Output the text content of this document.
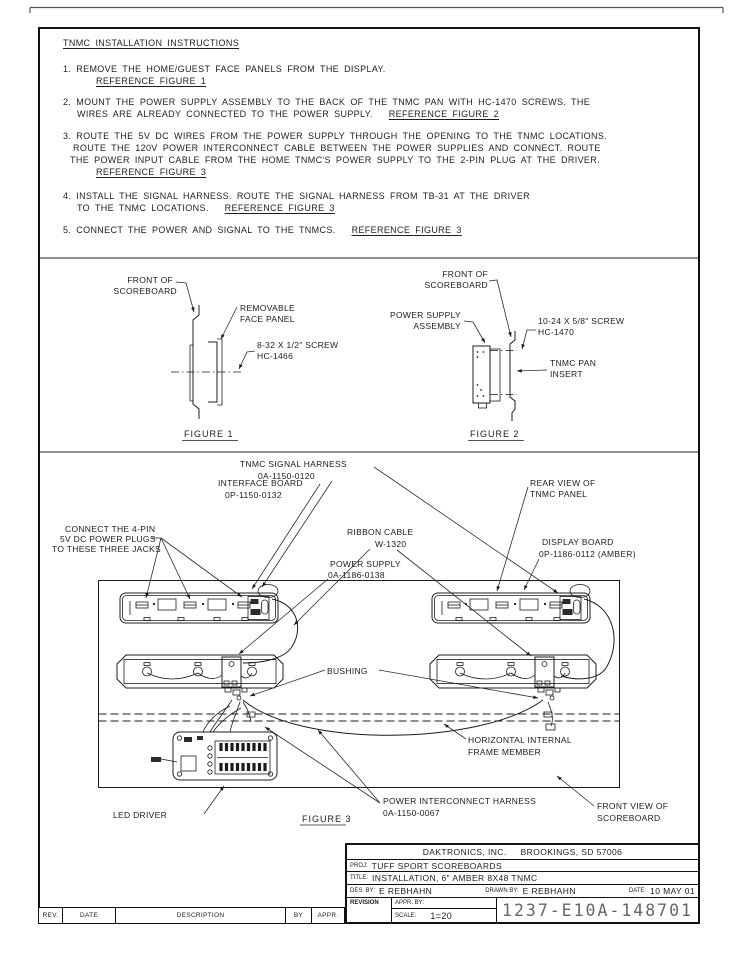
FRONT OF
SCOREBOARD
REMOVABLE
FACE PANEL
8-32 X 1/2" SCREW
HC-1466
FIGURE 1
FRONT OF
SCOREBOARD
POWER SUPPLY
ASSEMBLY	10-24 X 5/8" SCREW
HC-1470
TNMC PAN
INSERT
FIGURE 2
TNMC SIGNAL HARNESS
0A-1150-0120
INTERFACE BOARD
0P-1150-0132
REAR VIEW OF
TNMC PANEL
CONNECT THE 4-PIN
5V DC POWER PLUGS
TO THESE THREE JACKS
RIBBON CABLE
W-1320	DISPLAY BOARD
0P-1186-0112 (AMBER)
POWER SUPPLY
0A-1186-0138
BUSHING
HORIZONTAL INTERNAL
FRAME MEMBER
POWER INTERCONNECT HARNESS
0A-1150-0067
FRONT VIEW OF
SCOREBOARD
LED DRIVER	FIGURE 3
TNMC INSTALLATION INSTRUCTIONS
1. REMOVE THE HOME/GUEST FACE PANELS FROM THE DISPLAY.
REFERENCE FIGURE 1
2. MOUNT THE POWER SUPPLY ASSEMBLY TO THE BACK OF THE TNMC PAN WITH HC-1470 SCREWS. THE
WIRES ARE ALREADY CONNECTED TO THE POWER SUPPLY. REFERENCE FIGURE 2
3. ROUTE THE 5V DC WIRES FROM THE POWER SUPPLY THROUGH THE OPENING TO THE TNMC LOCATIONS.
ROUTE THE 120V POWER INTERCONNECT CABLE BETWEEN THE POWER SUPPLIES AND CONNECT. ROUTE
THE POWER INPUT CABLE FROM THE HOME TNMC'S POWER SUPPLY TO THE 2-PIN PLUG AT THE DRIVER.
REFERENCE FIGURE 3
4. INSTALL THE SIGNAL HARNESS. ROUTE THE SIGNAL HARNESS FROM TB-31 AT THE DRIVER
TO THE TNMC LOCATIONS. REFERENCE FIGURE 3
5. CONNECT THE POWER AND SIGNAL TO THE TNMCS. REFERENCE FIGURE 3
DAKTRONICS, INC. BROOKINGS, SD 57006
PROJ: TUFF SPORT SCOREBOARDS
TITLE: INSTALLATION, 6" AMBER 8X48 TNMC
DES. BY: E REBHAHN	DRAWN BY: E REBHAHN	DATE: 10 MAY 01
REVISION	APPR. BY:
SCALE: 1=20	1237-E10A-148701
REV.	DATE	DESCRIPTION	BY	APPR.
